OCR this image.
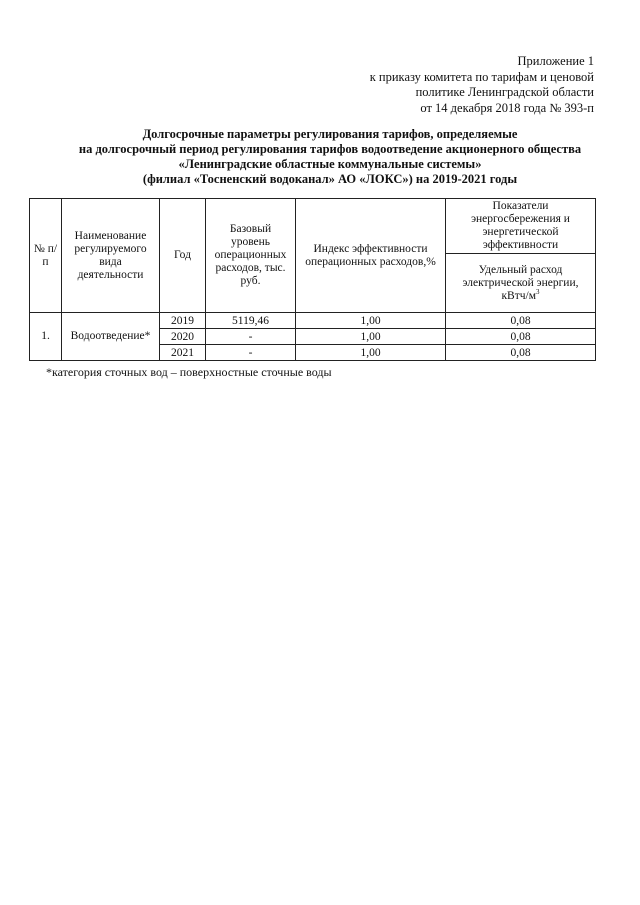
Приложение 1
к приказу комитета по тарифам и ценовой
политике Ленинградской области
от 14 декабря 2018 года № 393-п
Долгосрочные параметры регулирования тарифов, определяемые
на долгосрочный период регулирования тарифов водоотведение акционерного общества
«Ленинградские областные коммунальные системы»
(филиал «Тосненский водоканал» АО «ЛОКС») на 2019-2021 годы
№ п/п	Наименование регулируемого вида деятельности	Год	Базовый уровень операционных расходов, тыс. руб.	Индекс эффективности операционных расходов,%	Показатели энергосбережения и энергетической эффективности
					Удельный расход электрической энергии, кВтч/$м^3$
1.	Водоотведение*	2019	5119,46	1,00	0,08
		2020	-	1,00	0,08
		2021	-	1,00	0,08
*категория сточных вод – поверхностные сточные воды
